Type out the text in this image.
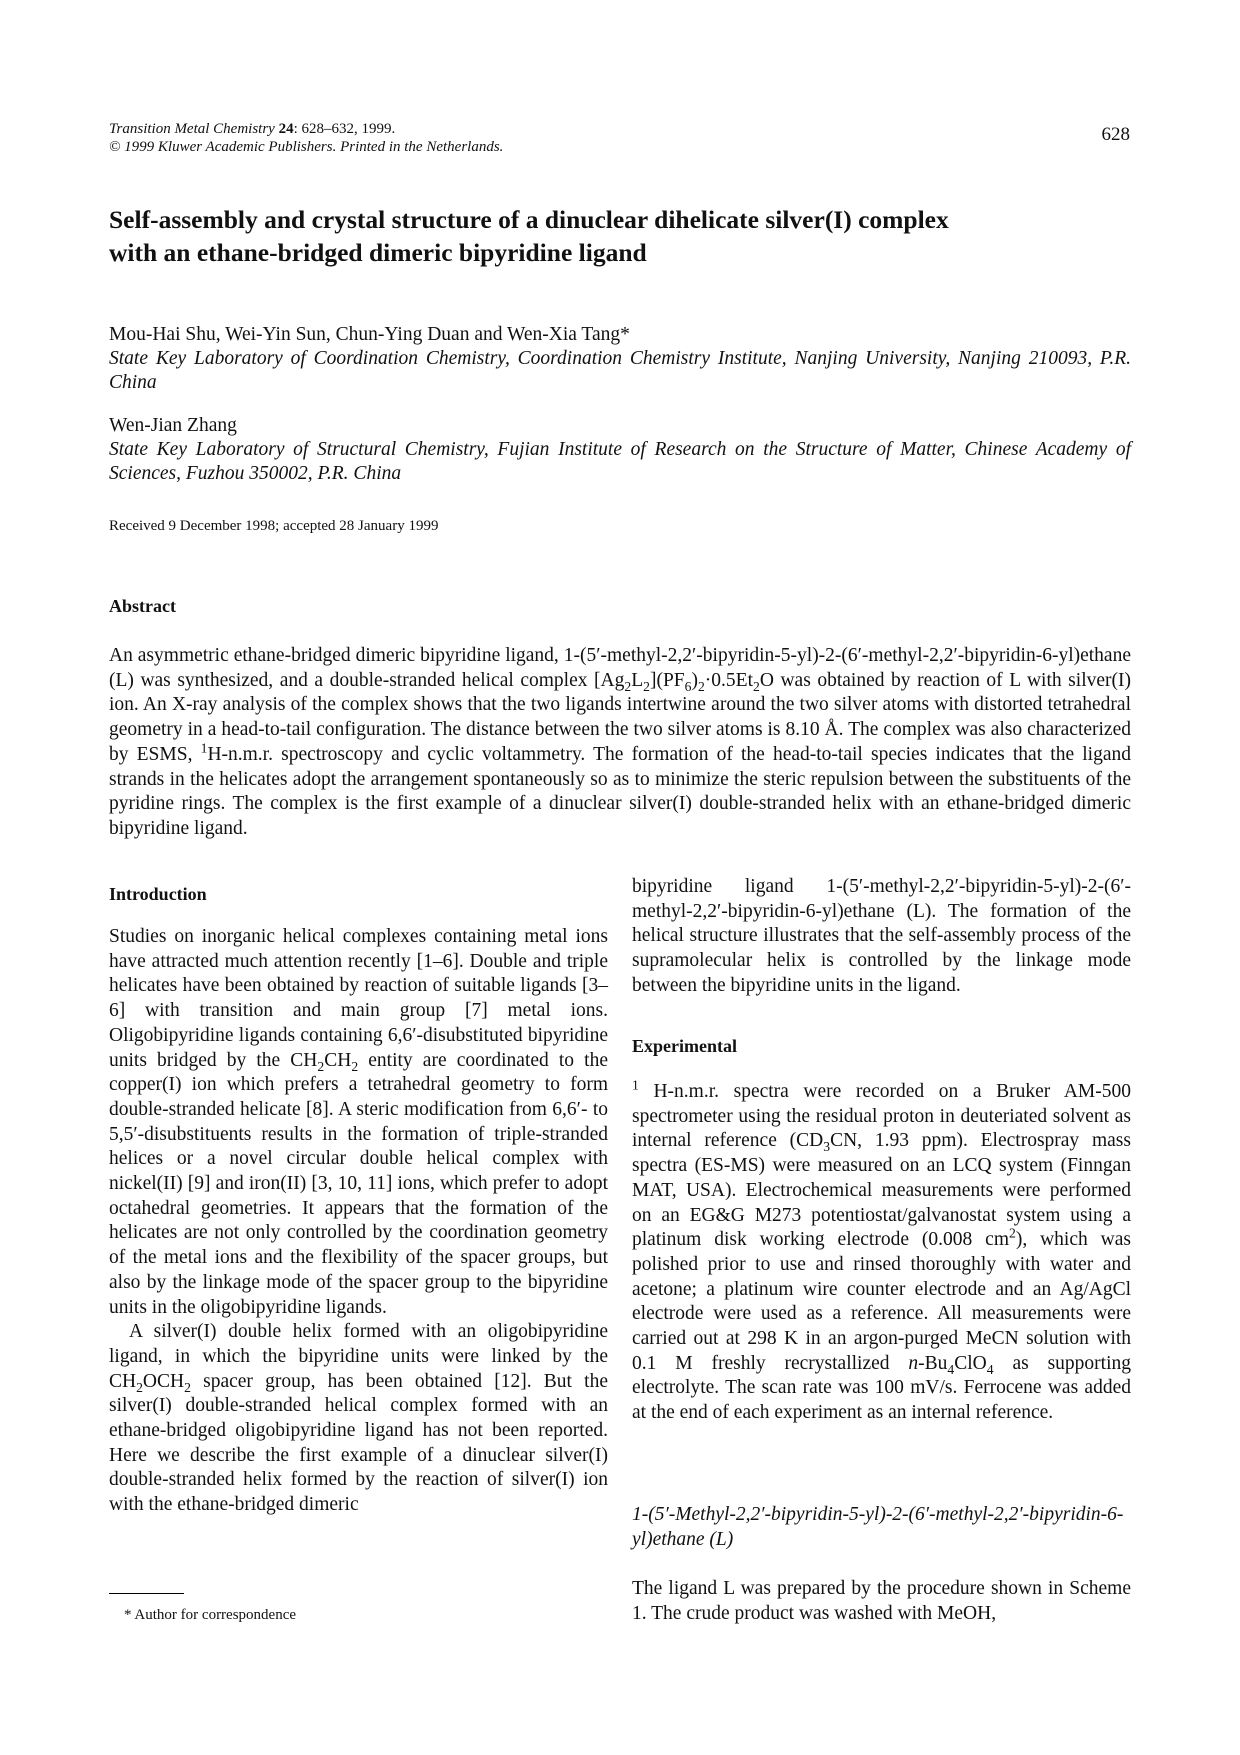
Transition Metal Chemistry 24: 628–632, 1999.
© 1999 Kluwer Academic Publishers. Printed in the Netherlands.
628
Self-assembly and crystal structure of a dinuclear dihelicate silver(I) complex
with an ethane-bridged dimeric bipyridine ligand
Mou-Hai Shu, Wei-Yin Sun, Chun-Ying Duan and Wen-Xia Tang*
State Key Laboratory of Coordination Chemistry, Coordination Chemistry Institute, Nanjing University, Nanjing 210093, P.R. China
Wen-Jian Zhang
State Key Laboratory of Structural Chemistry, Fujian Institute of Research on the Structure of Matter, Chinese Academy of Sciences, Fuzhou 350002, P.R. China
Received 9 December 1998; accepted 28 January 1999
Abstract
An asymmetric ethane-bridged dimeric bipyridine ligand, 1-(5′-methyl-2,2′-bipyridin-5-yl)-2-(6′-methyl-2,2′-bipyridin-6-yl)ethane (L) was synthesized, and a double-stranded helical complex $[Ag_2L_2](PF_6)_2\cdot 0.5Et_2O$ was obtained by reaction of L with silver(I) ion. An X-ray analysis of the complex shows that the two ligands intertwine around the two silver atoms with distorted tetrahedral geometry in a head-to-tail configuration. The distance between the two silver atoms is 8.10 Å. The complex was also characterized by ESMS, $^1$H-n.m.r. spectroscopy and cyclic voltammetry. The formation of the head-to-tail species indicates that the ligand strands in the helicates adopt the arrangement spontaneously so as to minimize the steric repulsion between the substituents of the pyridine rings. The complex is the first example of a dinuclear silver(I) double-stranded helix with an ethane-bridged dimeric bipyridine ligand.
Introduction
Studies on inorganic helical complexes containing metal ions have attracted much attention recently [1–6]. Double and triple helicates have been obtained by reaction of suitable ligands [3–6] with transition and main group [7] metal ions. Oligobipyridine ligands containing 6,6′-disubstituted bipyridine units bridged by the $CH_2CH_2$ entity are coordinated to the copper(I) ion which prefers a tetrahedral geometry to form double-stranded helicate [8]. A steric modification from 6,6′- to 5,5′-disubstituents results in the formation of triple-stranded helices or a novel circular double helical complex with nickel(II) [9] and iron(II) [3, 10, 11] ions, which prefer to adopt octahedral geometries. It appears that the formation of the helicates are not only controlled by the coordination geometry of the metal ions and the flexibility of the spacer groups, but also by the linkage mode of the spacer group to the bipyridine units in the oligobipyridine ligands.
A silver(I) double helix formed with an oligobipyridine ligand, in which the bipyridine units were linked by the $CH_2OCH_2$ spacer group, has been obtained [12]. But the silver(I) double-stranded helical complex formed with an ethane-bridged oligobipyridine ligand has not been reported. Here we describe the first example of a dinuclear silver(I) double-stranded helix formed by the reaction of silver(I) ion with the ethane-bridged dimeric
* Author for correspondence
bipyridine ligand 1-(5′-methyl-2,2′-bipyridin-5-yl)-2-(6′-methyl-2,2′-bipyridin-6-yl)ethane (L). The formation of the helical structure illustrates that the self-assembly process of the supramolecular helix is controlled by the linkage mode between the bipyridine units in the ligand.
Experimental
$^1$ H-n.m.r. spectra were recorded on a Bruker AM-500 spectrometer using the residual proton in deuteriated solvent as internal reference ($CD_3CN$, 1.93 ppm). Electrospray mass spectra (ES-MS) were measured on an LCQ system (Finngan MAT, USA). Electrochemical measurements were performed on an EG&G M273 potentiostat/galvanostat system using a platinum disk working electrode (0.008 $cm^2$), which was polished prior to use and rinsed thoroughly with water and acetone; a platinum wire counter electrode and an Ag/AgCl electrode were used as a reference. All measurements were carried out at 298 K in an argon-purged MeCN solution with 0.1 M freshly recrystallized $n-Bu_4ClO_4$ as supporting electrolyte. The scan rate was 100 mV/s. Ferrocene was added at the end of each experiment as an internal reference.
1-(5′-Methyl-2,2′-bipyridin-5-yl)-2-(6′-methyl-2,2′-bipyridin-6-yl)ethane (L)
The ligand L was prepared by the procedure shown in Scheme 1. The crude product was washed with MeOH,
